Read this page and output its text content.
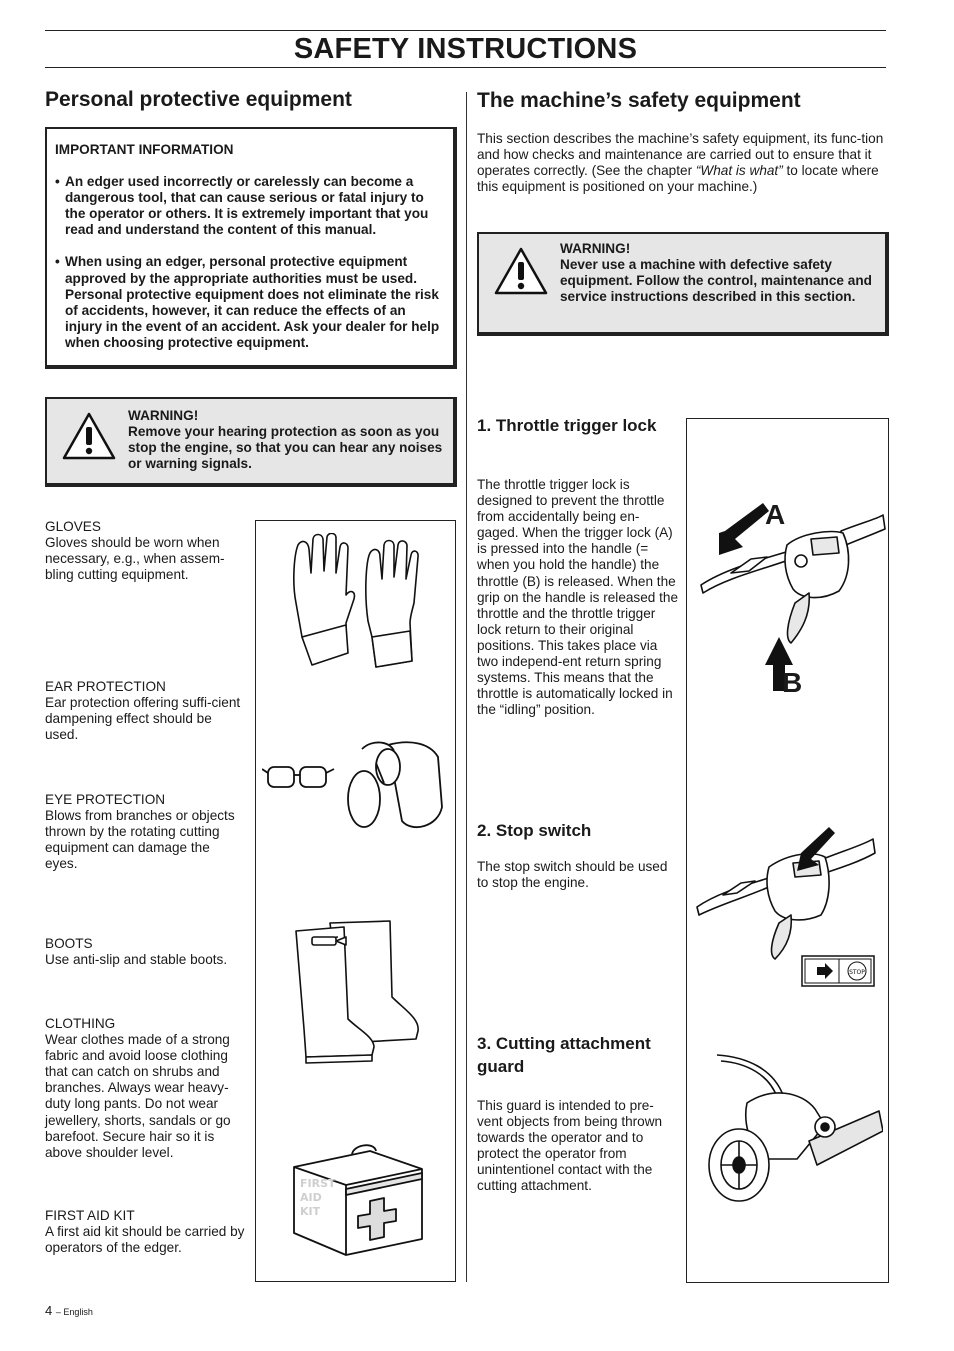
SAFETY INSTRUCTIONS
Personal protective equipment
IMPORTANT INFORMATION
• An edger used incorrectly or carelessly can become a dangerous tool, that can cause serious or fatal injury to the operator or others. It is extremely important that you read and understand the content of this manual.
• When using an edger, personal protective equipment approved by the appropriate authorities must be used. Personal protective equipment does not eliminate the risk of accidents, however, it can reduce the effects of an injury in the event of an accident. Ask your dealer for help when choosing protective equipment.
WARNING!
Remove your hearing protection as soon as you stop the engine, so that you can hear any noises or warning signals.
GLOVES
Gloves should be worn when necessary, e.g., when assem-bling cutting equipment.
EAR PROTECTION
Ear protection offering suffi-cient dampening effect should be used.
EYE PROTECTION
Blows from branches or objects thrown by the rotating cutting equipment can damage the eyes.
BOOTS
Use anti-slip and stable boots.
CLOTHING
Wear clothes made of a strong fabric and avoid loose clothing that can catch on shrubs and branches. Always wear heavy-duty long pants. Do not wear jewellery, shorts, sandals or go barefoot. Secure hair so it is above shoulder level.
FIRST AID KIT
A first aid kit should be carried by operators of the edger.
FIRST
AID
KIT
The machine’s safety equipment
This section describes the machine’s safety equipment, its func-tion and how checks and maintenance are carried out to ensure that it operates correctly. (See the chapter “What is what” to locate where this equipment is positioned on your machine.)
WARNING!
Never use a machine with defective safety equipment. Follow the control, maintenance and service instructions described in this section.
1. Throttle trigger lock
The throttle trigger lock is designed to prevent the throttle from accidentally being en-gaged. When the trigger lock (A) is pressed into the handle (= when you hold the handle) the throttle (B) is released. When the grip on the handle is released the throttle and the throttle trigger lock return to their original positions. This takes place via two independ-ent return spring systems. This means that the throttle is automatically locked in the “idling” position.
2. Stop switch
The stop switch should be used to stop the engine.
3. Cutting attachment guard
This guard is intended to pre-vent objects from being thrown towards the operator and to protect the operator from unintentionel contact with the cutting attachment.
A
B
STOP
4 – English
